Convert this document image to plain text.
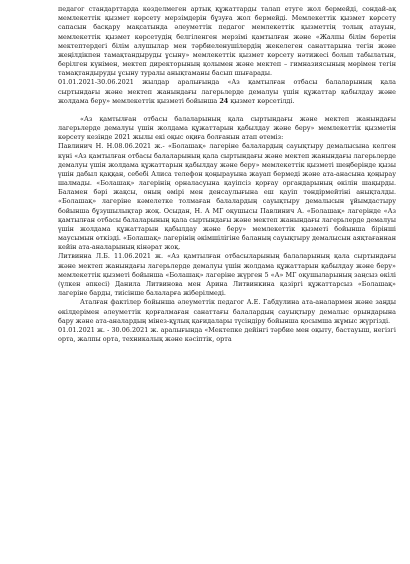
педагог стандарттарда көзделмеген артық құжаттарды талап етуге жол бермейді, сондай-ақ мемлекеттік қызмет көрсету мерзімдерін бұзуға жол бермейді. Мемлекеттік қызмет көрсету сапасын басқару мақсатында әлеуметтік педагог мемлекеттік қызметтің толық атауын, мемлекеттік қызмет көрсетудің белгіленген мерзімі қамтылған және «Жалпы білім беретін мектептердегі білім алушылар мен тәрбиеленушілердің жекелеген санаттарына тегін және жеңілдікпен тамақтандыруды ұсыну» мемлекеттік қызмет көрсету нәтижесі болып табылатын, берілген күнімен, мектеп директорының қолымен және мектеп – гимназиясының мөрімен тегін тамақтандыруды ұсыну туралы анықтаманы басып шығарады.

01.01.2021-30.06.2021 жылдар аралығында «Аз қамтылған отбасы балаларының қала сыртындағы және мектеп жанындағы лагерьлерде демалуы үшін құжаттар қабылдау және жолдама беру» мемлекеттік қызметі бойынша 24 қызмет көрсетілді.

«Аз қамтылған отбасы балаларының қала сыртындағы және мектеп жанындағы лагерьлерде демалуы үшін жолдама құжаттарын қабылдау және беру» мемлекеттік қызметін көрсету кезінде 2021 жылы екі оқыс оқиға болғанын атап өтеміз:

Павлинич Н. Н.08.06.2021 ж.- «Болашақ» лагеріне балалардың сауықтыру демалысына келген күні «Аз қамтылған отбасы балаларының қала сыртындағы және мектеп жанындағы лагерьлерде демалуы үшін жолдама құжаттарын қабылдау және беру» мемлекеттік қызметі шеңберінде қызы үшін дабыл қаққан, себебі Алиса телефон қоңырауына жауап бермеді және ата-анасына қоңырау шалмады. «Болашақ» лагерінің орналасуына қауіпсіз қорғау органдарының өкілін шақырды. Баламен бәрі жақсы, оның өмірі мен денсаулығына еш қауіп төндірмейтіні анықталды. «Болашақ» лагеріне кәмелетке толмаған балалардың сауықтыру демалысын ұйымдастыру бойынша бұзушылықтар жоқ. Осыдан, Н. А МГ оқушысы Павлинич А. «Болашақ» лагерінде «Аз қамтылған отбасы балаларының қала сыртындағы және мектеп жанындағы лагерьлерде демалуы үшін жолдама құжаттарын қабылдау және беру» мемлекеттік қызметі бойынша бірінші маусымын өткізді. «Болашақ» лагерінің әкімшілігіне баланың сауықтыру демалысын аяқтағаннан кейін ата-аналарының кінәрат жоқ.

Литвинна Л.Б. 11.06.2021 ж. «Аз қамтылған отбасыларының балаларының қала сыртындағы және мектеп жанындағы лагерьлерде демалуы үшін жолдама құжаттарын қабылдау және беру» мемлекеттік қызметі бойынша «Болашақ» лагеріне жүрген 5 «А» МГ оқушыларының заңсыз өкілі (үлкен әпкесі) Данила Литвинова мен Арина Литвинкина қазіргі құжаттарсыз «Болашақ» лагеріне барды, тиісінше балаларға жіберілмеді.

Аталған фактілер бойынша әлеуметтік педагог А.Е. Габдулина ата-аналармен және заңды өкілдерімен әлеуметтік қорғалмаған санаттағы балалардың сауықтыру демалыс орындарына бару және ата-аналардың мінез-құлық қағидалары түсіндіру бойынша қосымша жұмыс жүргізді.

01.01.2021 ж. - 30.06.2021 ж. аралығында «Мектепке дейінгі тәрбие мен оқыту, бастауыш, негізгі орта, жалпы орта, техникалық және кәсіптік, орта
